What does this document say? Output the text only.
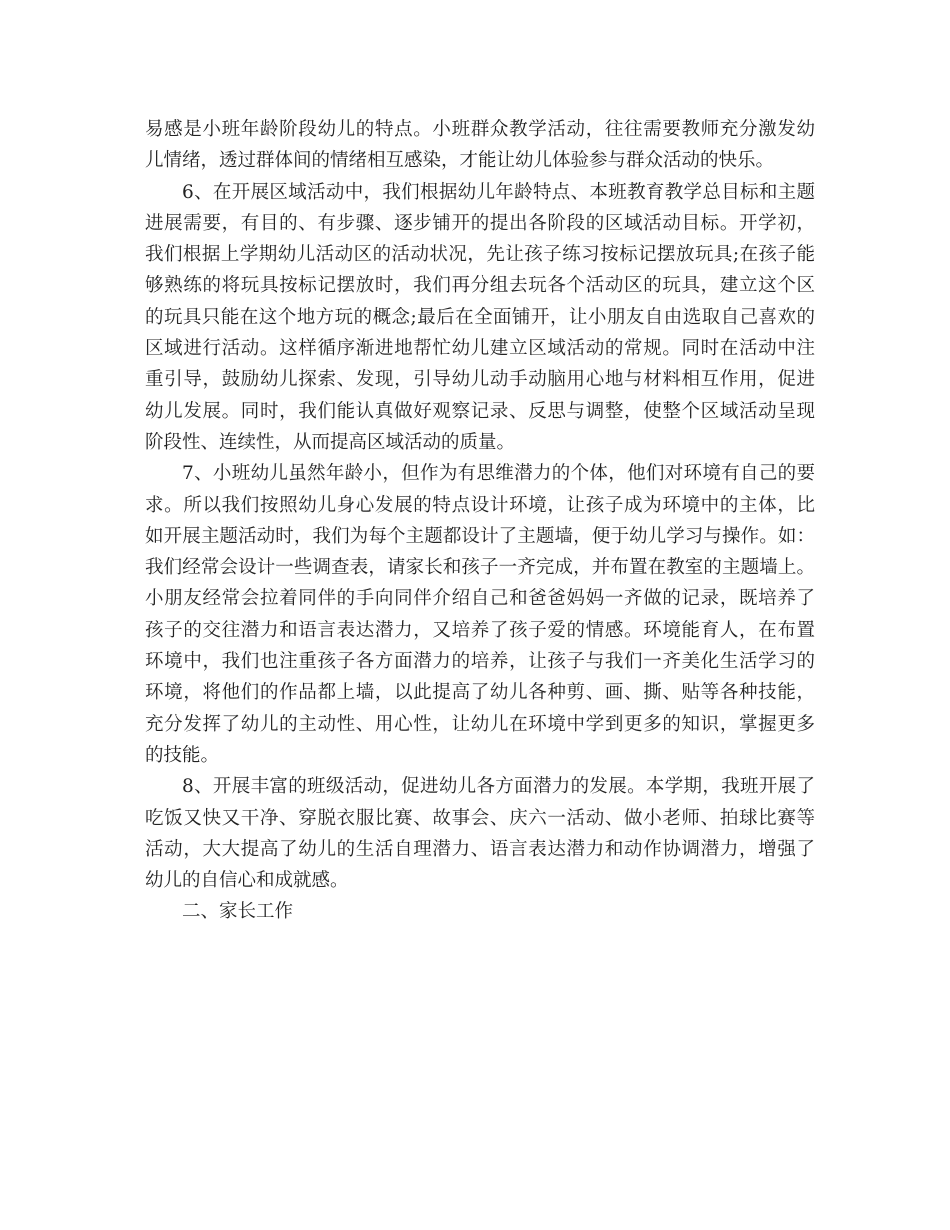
易感是小班年龄阶段幼儿的特点。小班群众教学活动，往往需要教师充分激发幼
儿情绪，透过群体间的情绪相互感染，才能让幼儿体验参与群众活动的快乐。
6、在开展区域活动中，我们根据幼儿年龄特点、本班教育教学总目标和主题
进展需要，有目的、有步骤、逐步铺开的提出各阶段的区域活动目标。开学初，
我们根据上学期幼儿活动区的活动状况，先让孩子练习按标记摆放玩具;在孩子能
够熟练的将玩具按标记摆放时，我们再分组去玩各个活动区的玩具，建立这个区
的玩具只能在这个地方玩的概念;最后在全面铺开，让小朋友自由选取自己喜欢的
区域进行活动。这样循序渐进地帮忙幼儿建立区域活动的常规。同时在活动中注
重引导，鼓励幼儿探索、发现，引导幼儿动手动脑用心地与材料相互作用，促进
幼儿发展。同时，我们能认真做好观察记录、反思与调整，使整个区域活动呈现
阶段性、连续性，从而提高区域活动的质量。
7、小班幼儿虽然年龄小，但作为有思维潜力的个体，他们对环境有自己的要
求。所以我们按照幼儿身心发展的特点设计环境，让孩子成为环境中的主体，比
如开展主题活动时，我们为每个主题都设计了主题墙，便于幼儿学习与操作。如：
我们经常会设计一些调查表，请家长和孩子一齐完成，并布置在教室的主题墙上。
小朋友经常会拉着同伴的手向同伴介绍自己和爸爸妈妈一齐做的记录，既培养了
孩子的交往潜力和语言表达潜力，又培养了孩子爱的情感。环境能育人，在布置
环境中，我们也注重孩子各方面潜力的培养，让孩子与我们一齐美化生活学习的
环境，将他们的作品都上墙，以此提高了幼儿各种剪、画、撕、贴等各种技能，
充分发挥了幼儿的主动性、用心性，让幼儿在环境中学到更多的知识，掌握更多
的技能。
8、开展丰富的班级活动，促进幼儿各方面潜力的发展。本学期，我班开展了
吃饭又快又干净、穿脱衣服比赛、故事会、庆六一活动、做小老师、拍球比赛等
活动，大大提高了幼儿的生活自理潜力、语言表达潜力和动作协调潜力，增强了
幼儿的自信心和成就感。
二、家长工作
